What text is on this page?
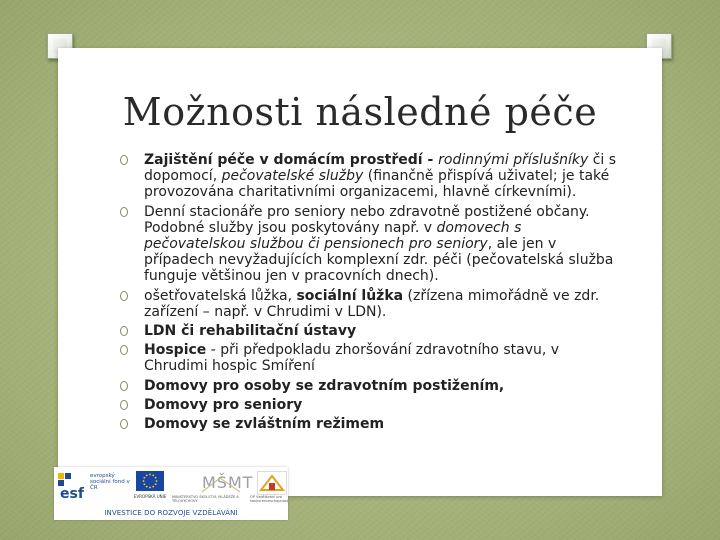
Možnosti následné péče
Zajištění péče v domácím prostředí - rodinnými příslušníky či s dopomocí, pečovatelské služby (finančně přispívá uživatel; je také provozována charitativními organizacemi, hlavně církevními).
Denní stacionáře pro seniory nebo zdravotně postižené občany. Podobné služby jsou poskytovány např. v domovech s pečovatelskou službou či pensionech pro seniory, ale jen v případech nevyžadujících komplexní zdr. péči (pečovatelská služba funguje většinou jen v pracovních dnech).
ošetřovatelská lůžka, sociální lůžka (zřízena mimořádně ve zdr. zařízení – např. v Chrudimi v LDN).
LDN či rehabilitační ústavy
Hospice - při předpokladu zhoršování zdravotního stavu, v Chrudimi hospic Smíření
Domovy pro osoby se zdravotním postižením,
Domovy pro seniory
Domovy se zvláštním režimem
esf
evropský sociální fond v ČR
EVROPSKÁ UNIE
MŠMT
MINISTERSTVO ŠKOLSTVÍ, MLÁDEŽE A TĚLOVÝCHOVY
OP Vzdělávání pro konkurenceschopnost
INVESTICE DO ROZVOJE VZDĚLÁVÁNÍ
